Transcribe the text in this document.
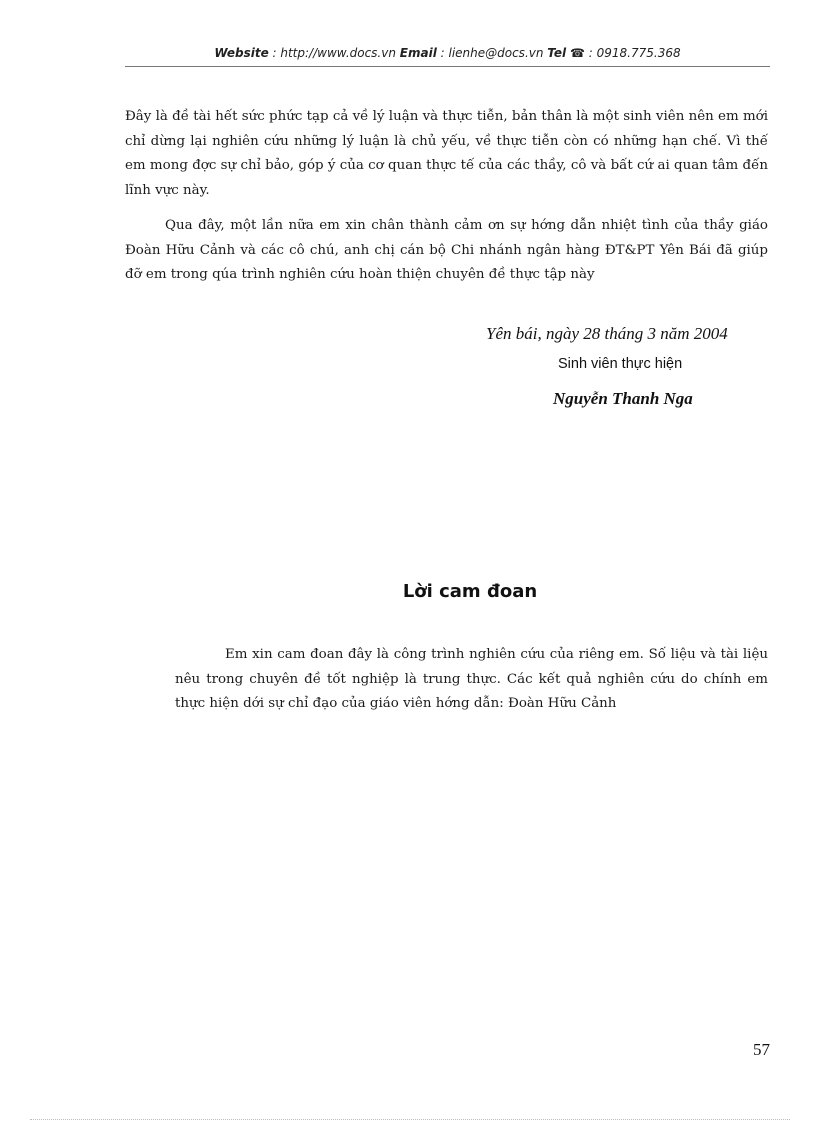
Website : http://www.docs.vn Email : lienhe@docs.vn Tel ☎ : 0918.775.368
Đây là đề tài hết sức phức tạp cả về lý luận và thực tiễn, bản thân là một sinh viên nên em mới chỉ dừng lại nghiên cứu những lý luận là chủ yếu, về thực tiễn còn có những hạn chế. Vì thế em mong đợc sự chỉ bảo, góp ý của cơ quan thực tế của các thầy, cô và bất cứ ai quan tâm đến lĩnh vực này.
Qua đây, một lần nữa em xin chân thành cảm ơn sự hớng dẫn nhiệt tình của thầy giáo Đoàn Hữu Cảnh và các cô chú, anh chị cán bộ Chi nhánh ngân hàng ĐT&PT Yên Bái đã giúp đỡ em trong qúa trình nghiên cứu hoàn thiện chuyên đề thực tập này
Yên bái, ngày 28 tháng 3 năm 2004
Sinh viên thực hiện
Nguyễn Thanh Nga
Lời cam đoan
Em xin cam đoan đây là công trình nghiên cứu của riêng em. Số liệu và tài liệu nêu trong chuyên đề tốt nghiệp là trung thực. Các kết quả nghiên cứu do chính em thực hiện dới sự chỉ đạo của giáo viên hớng dẫn: Đoàn Hữu Cảnh
57
